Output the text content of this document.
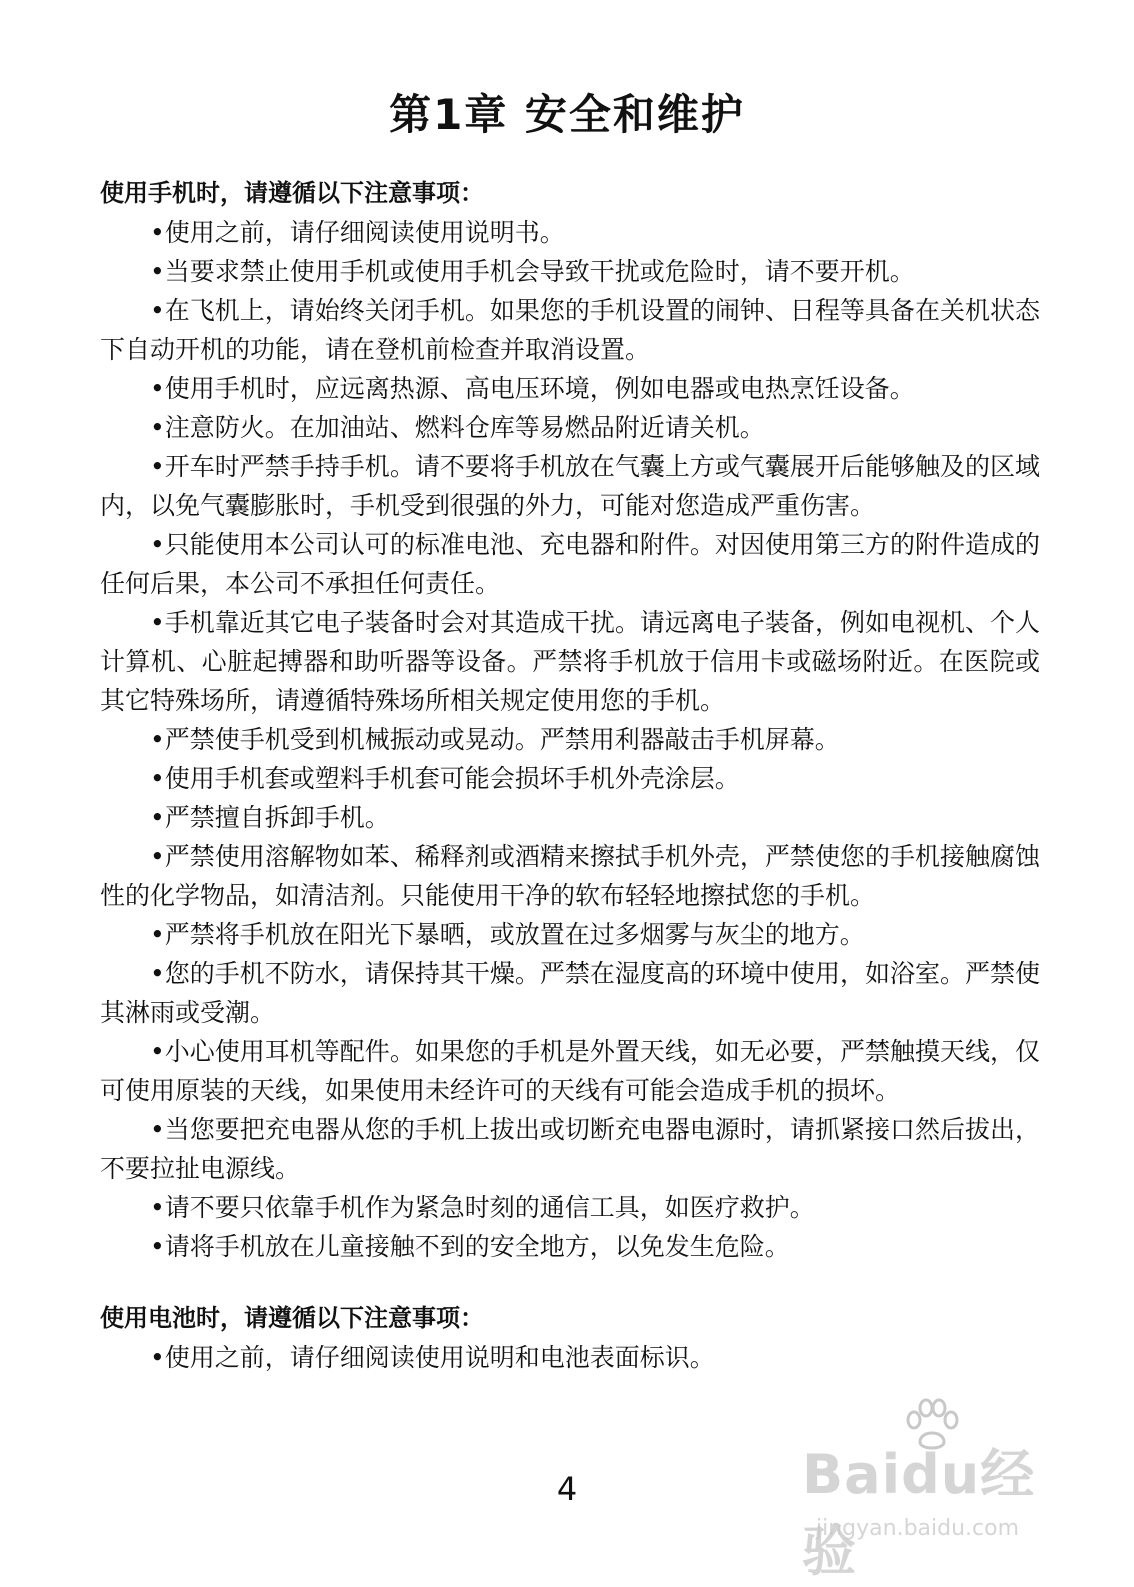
第1章 安全和维护
使用手机时，请遵循以下注意事项：
•使用之前，请仔细阅读使用说明书。
•当要求禁止使用手机或使用手机会导致干扰或危险时，请不要开机。
•在飞机上，请始终关闭手机。如果您的手机设置的闹钟、日程等具备在关机状态下自动开机的功能，请在登机前检查并取消设置。
•使用手机时，应远离热源、高电压环境，例如电器或电热烹饪设备。
•注意防火。在加油站、燃料仓库等易燃品附近请关机。
•开车时严禁手持手机。请不要将手机放在气囊上方或气囊展开后能够触及的区域内，以免气囊膨胀时，手机受到很强的外力，可能对您造成严重伤害。
•只能使用本公司认可的标准电池、充电器和附件。对因使用第三方的附件造成的任何后果，本公司不承担任何责任。
•手机靠近其它电子装备时会对其造成干扰。请远离电子装备，例如电视机、个人计算机、心脏起搏器和助听器等设备。严禁将手机放于信用卡或磁场附近。在医院或其它特殊场所，请遵循特殊场所相关规定使用您的手机。
•严禁使手机受到机械振动或晃动。严禁用利器敲击手机屏幕。
•使用手机套或塑料手机套可能会损坏手机外壳涂层。
•严禁擅自拆卸手机。
•严禁使用溶解物如苯、稀释剂或酒精来擦拭手机外壳，严禁使您的手机接触腐蚀性的化学物品，如清洁剂。只能使用干净的软布轻轻地擦拭您的手机。
•严禁将手机放在阳光下暴晒，或放置在过多烟雾与灰尘的地方。
•您的手机不防水，请保持其干燥。严禁在湿度高的环境中使用，如浴室。严禁使其淋雨或受潮。
•小心使用耳机等配件。如果您的手机是外置天线，如无必要，严禁触摸天线，仅可使用原装的天线，如果使用未经许可的天线有可能会造成手机的损坏。
•当您要把充电器从您的手机上拔出或切断充电器电源时，请抓紧接口然后拔出，不要拉扯电源线。
•请不要只依靠手机作为紧急时刻的通信工具，如医疗救护。
•请将手机放在儿童接触不到的安全地方，以免发生危险。
使用电池时，请遵循以下注意事项：
•使用之前，请仔细阅读使用说明和电池表面标识。
4	Baidu经验
jingyan.baidu.com
